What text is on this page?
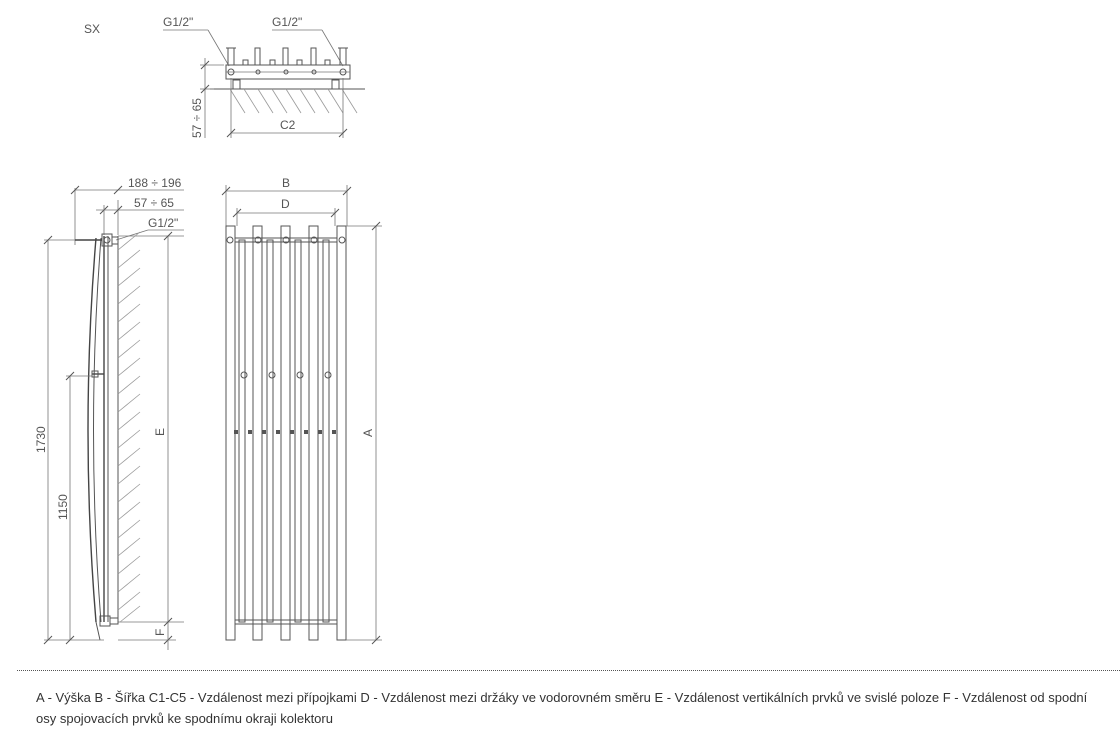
SX	G1/2"	G1/2"
57 ÷ 65	C2
188 ÷ 196
57 ÷ 65
G1/2"
1730
1150
E
F
B
D
A

A - Výška B - Šířka C1-C5 - Vzdálenost mezi přípojkami D - Vzdálenost mezi držáky ve vodorovném směru E - Vzdálenost vertikálních prvků ve svislé poloze F - Vzdálenost od spodní osy spojovacích prvků ke spodnímu okraji kolektoru
